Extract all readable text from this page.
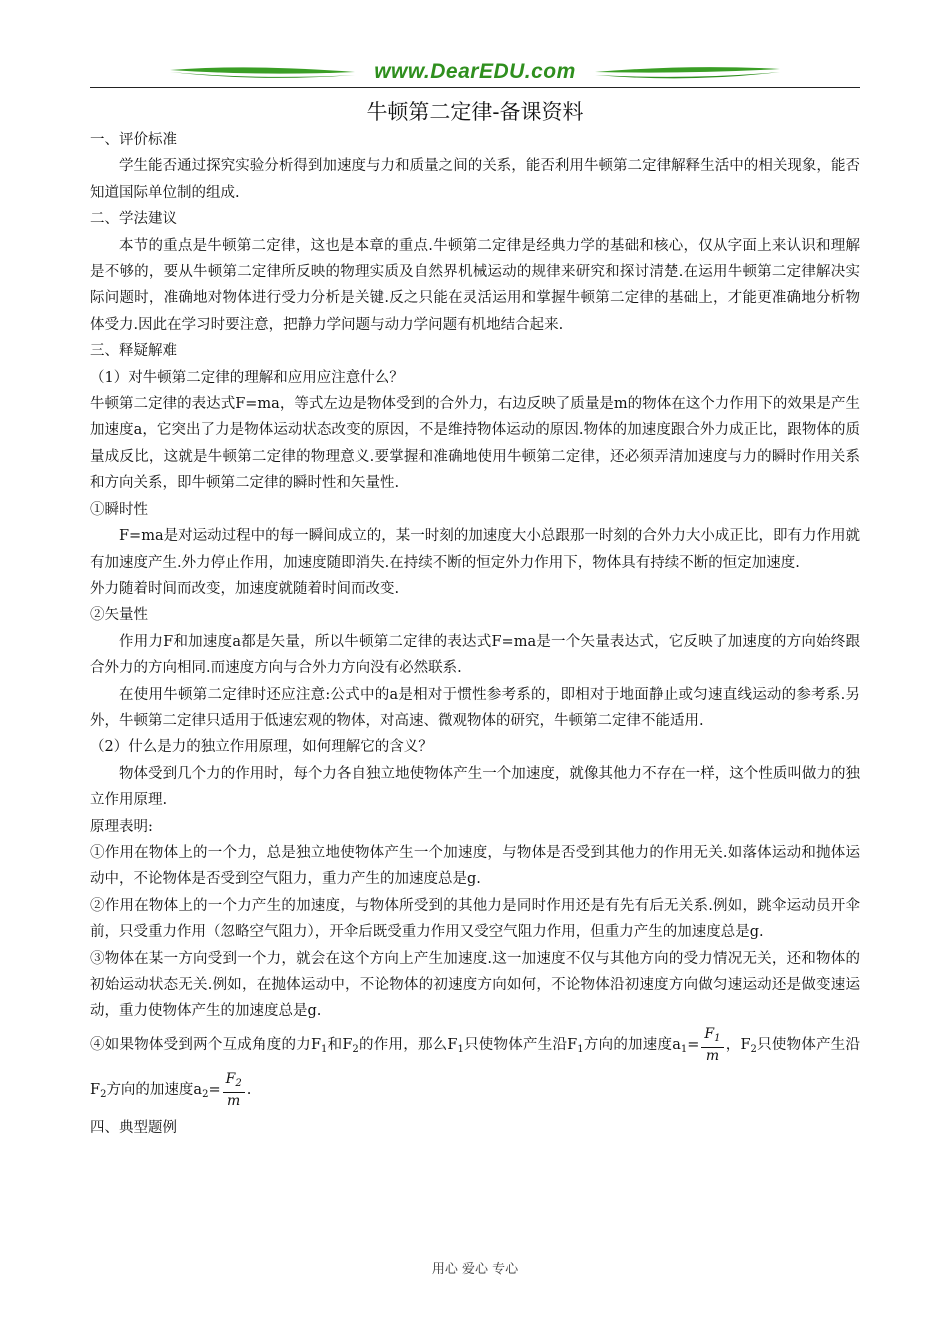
www.DearEDU.com
牛顿第二定律-备课资料

一、评价标准

学生能否通过探究实验分析得到加速度与力和质量之间的关系，能否利用牛顿第二定律解释生活中的相关现象，能否知道国际单位制的组成.

二、学法建议

本节的重点是牛顿第二定律，这也是本章的重点.牛顿第二定律是经典力学的基础和核心，仅从字面上来认识和理解是不够的，要从牛顿第二定律所反映的物理实质及自然界机械运动的规律来研究和探讨清楚.在运用牛顿第二定律解决实际问题时，准确地对物体进行受力分析是关键.反之只能在灵活运用和掌握牛顿第二定律的基础上，才能更准确地分析物体受力.因此在学习时要注意，把静力学问题与动力学问题有机地结合起来.

三、释疑解难

（1）对牛顿第二定律的理解和应用应注意什么？

牛顿第二定律的表达式F=ma，等式左边是物体受到的合外力，右边反映了质量是m的物体在这个力作用下的效果是产生加速度a，它突出了力是物体运动状态改变的原因，不是维持物体运动的原因.物体的加速度跟合外力成正比，跟物体的质量成反比，这就是牛顿第二定律的物理意义.要掌握和准确地使用牛顿第二定律，还必须弄清加速度与力的瞬时作用关系和方向关系，即牛顿第二定律的瞬时性和矢量性.

①瞬时性

F=ma是对运动过程中的每一瞬间成立的，某一时刻的加速度大小总跟那一时刻的合外力大小成正比，即有力作用就有加速度产生.外力停止作用，加速度随即消失.在持续不断的恒定外力作用下，物体具有持续不断的恒定加速度.

外力随着时间而改变，加速度就随着时间而改变.

②矢量性

作用力F和加速度a都是矢量，所以牛顿第二定律的表达式F=ma是一个矢量表达式，它反映了加速度的方向始终跟合外力的方向相同.而速度方向与合外力方向没有必然联系.

在使用牛顿第二定律时还应注意:公式中的a是相对于惯性参考系的，即相对于地面静止或匀速直线运动的参考系.另外，牛顿第二定律只适用于低速宏观的物体，对高速、微观物体的研究，牛顿第二定律不能适用.

（2）什么是力的独立作用原理，如何理解它的含义？

物体受到几个力的作用时，每个力各自独立地使物体产生一个加速度，就像其他力不存在一样，这个性质叫做力的独立作用原理.

原理表明:

①作用在物体上的一个力，总是独立地使物体产生一个加速度，与物体是否受到其他力的作用无关.如落体运动和抛体运动中，不论物体是否受到空气阻力，重力产生的加速度总是g.

②作用在物体上的一个力产生的加速度，与物体所受到的其他力是同时作用还是有先有后无关系.例如，跳伞运动员开伞前，只受重力作用（忽略空气阻力），开伞后既受重力作用又受空气阻力作用，但重力产生的加速度总是g.

③物体在某一方向受到一个力，就会在这个方向上产生加速度.这一加速度不仅与其他方向的受力情况无关，还和物体的初始运动状态无关.例如，在抛体运动中，不论物体的初速度方向如何，不论物体沿初速度方向做匀速运动还是做变速运动，重力使物体产生的加速度总是g.

④如果物体受到两个互成角度的力$F_1$和$F_2$的作用，那么$F_1$只使物体产生沿$F_1$方向的加速度$a_1= \frac{F_1}{m}$ ，$F_2$只使物体产生沿$F_2$方向的加速度$a_2= \frac{F_2}{m}$ .

四、典型题例

用心 爱心 专心
